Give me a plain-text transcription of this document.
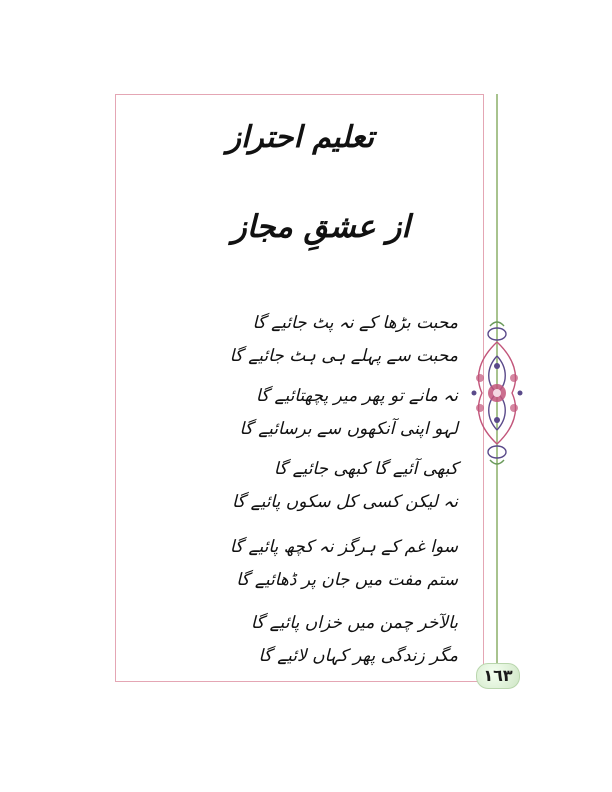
تعلیم احتراز
از عشقِ مجاز
محبت بڑھا کے نہ پٹ جائیے گا
محبت سے پہلے ہی ہٹ جائیے گا
نہ مانے تو پھر میر پچھتائیے گا
لہو اپنی آنکھوں سے برسائیے گا
کبھی آئیے گا کبھی جائیے گا
نہ لیکن کسی کل سکوں پائیے گا
سوا غم کے ہرگز نہ کچھ پائیے گا
ستم مفت میں جان پر ڈھائیے گا
بالآخر چمن میں خزاں پائیے گا
مگر زندگی پھر کہاں لائیے گا
١٦٣
